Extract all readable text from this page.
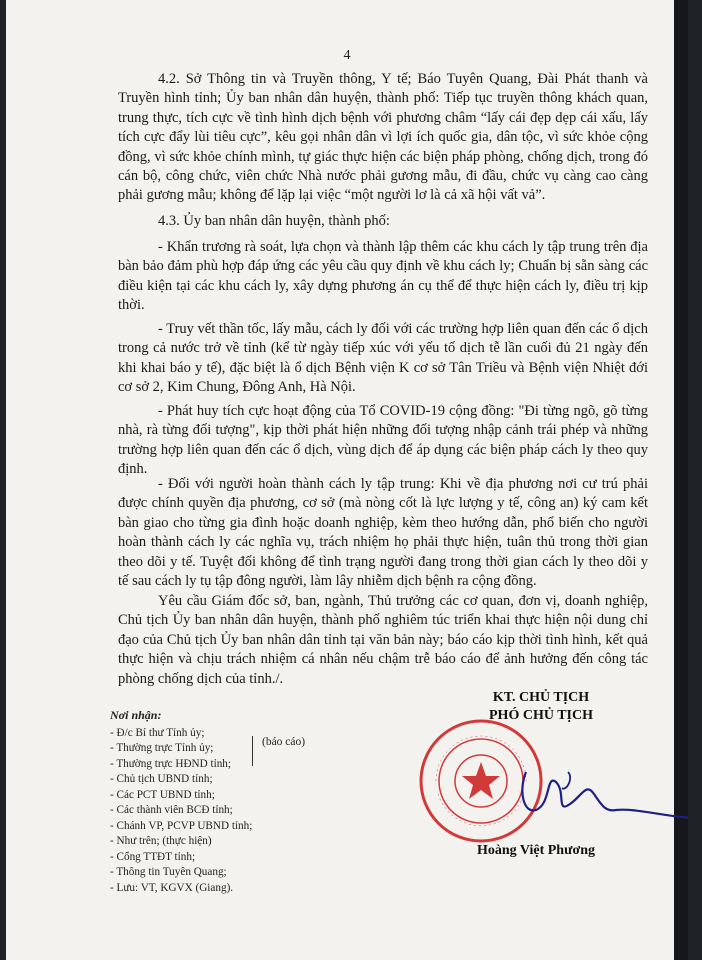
4

4.2. Sở Thông tin và Truyền thông, Y tế; Báo Tuyên Quang, Đài Phát thanh và Truyền hình tỉnh; Ủy ban nhân dân huyện, thành phố: Tiếp tục truyền thông khách quan, trung thực, tích cực về tình hình dịch bệnh với phương châm “lấy cái đẹp dẹp cái xấu, lấy tích cực đẩy lùi tiêu cực”, kêu gọi nhân dân vì lợi ích quốc gia, dân tộc, vì sức khỏe cộng đồng, vì sức khỏe chính mình, tự giác thực hiện các biện pháp phòng, chống dịch, trong đó cán bộ, công chức, viên chức Nhà nước phải gương mẫu, đi đầu, chức vụ càng cao càng phải gương mẫu; không để lặp lại việc “một người lơ là cả xã hội vất vả”.

4.3. Ủy ban nhân dân huyện, thành phố:

- Khẩn trương rà soát, lựa chọn và thành lập thêm các khu cách ly tập trung trên địa bàn bảo đảm phù hợp đáp ứng các yêu cầu quy định về khu cách ly; Chuẩn bị sẵn sàng các điều kiện tại các khu cách ly, xây dựng phương án cụ thể để thực hiện cách ly, điều trị kịp thời.

- Truy vết thần tốc, lấy mẫu, cách ly đối với các trường hợp liên quan đến các ổ dịch trong cả nước trở về tỉnh (kể từ ngày tiếp xúc với yếu tố dịch tễ lần cuối đủ 21 ngày đến khi khai báo y tế), đặc biệt là ổ dịch Bệnh viện K cơ sở Tân Triều và Bệnh viện Nhiệt đới cơ sở 2, Kim Chung, Đông Anh, Hà Nội.

- Phát huy tích cực hoạt động của Tổ COVID-19 cộng đồng: "Đi từng ngõ, gõ từng nhà, rà từng đối tượng", kịp thời phát hiện những đối tượng nhập cảnh trái phép và những trường hợp liên quan đến các ổ dịch, vùng dịch để áp dụng các biện pháp cách ly theo quy định.

- Đối với người hoàn thành cách ly tập trung: Khi về địa phương nơi cư trú phải được chính quyền địa phương, cơ sở (mà nòng cốt là lực lượng y tế, công an) ký cam kết bàn giao cho từng gia đình hoặc doanh nghiệp, kèm theo hướng dẫn, phổ biến cho người hoàn thành cách ly các nghĩa vụ, trách nhiệm họ phải thực hiện, tuân thủ trong thời gian theo dõi y tế. Tuyệt đối không để tình trạng người đang trong thời gian cách ly theo dõi y tế sau cách ly tụ tập đông người, làm lây nhiễm dịch bệnh ra cộng đồng.

Yêu cầu Giám đốc sở, ban, ngành, Thủ trưởng các cơ quan, đơn vị, doanh nghiệp, Chủ tịch Ủy ban nhân dân huyện, thành phố nghiêm túc triển khai thực hiện nội dung chỉ đạo của Chủ tịch Ủy ban nhân dân tỉnh tại văn bản này; báo cáo kịp thời tình hình, kết quả thực hiện và chịu trách nhiệm cá nhân nếu chậm trễ báo cáo để ảnh hưởng đến công tác phòng chống dịch của tỉnh./.

KT. CHỦ TỊCH
PHÓ CHỦ TỊCH
Nơi nhận:
- Đ/c Bí thư Tỉnh ủy;
- Thường trực Tỉnh ủy;
- Thường trực HĐND tỉnh;
- Chủ tịch UBND tỉnh;
- Các PCT UBND tỉnh;
- Các thành viên BCĐ tỉnh;
- Chánh VP, PCVP UBND tỉnh;
- Như trên; (thực hiện)
- Cổng TTĐT tỉnh;
- Thông tin Tuyên Quang;
- Lưu: VT, KGVX (Giang).
(báo cáo)
Hoàng Việt Phương
